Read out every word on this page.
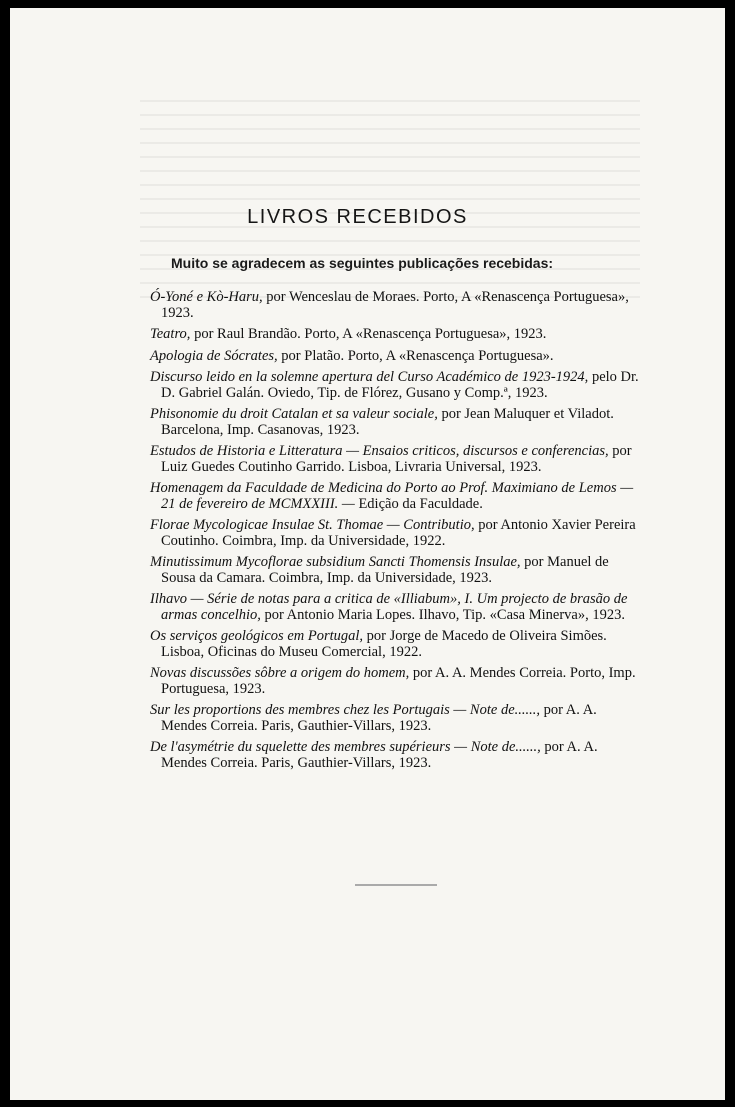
LIVROS RECEBIDOS
Muito se agradecem as seguintes publicações recebidas:
Ó-Yoné e Kò-Haru, por Wenceslau de Moraes. Porto, A «Renascença Portuguesa», 1923.
Teatro, por Raul Brandão. Porto, A «Renascença Portuguesa», 1923.
Apologia de Sócrates, por Platão. Porto, A «Renascença Portuguesa».
Discurso leido en la solemne apertura del Curso Académico de 1923-1924, pelo Dr. D. Gabriel Galán. Oviedo, Tip. de Flórez, Gusano y Comp.ª, 1923.
Phisonomie du droit Catalan et sa valeur sociale, por Jean Maluquer et Viladot. Barcelona, Imp. Casanovas, 1923.
Estudos de Historia e Litteratura — Ensaios criticos, discursos e conferencias, por Luiz Guedes Coutinho Garrido. Lisboa, Livraria Universal, 1923.
Homenagem da Faculdade de Medicina do Porto ao Prof. Maximiano de Lemos — 21 de fevereiro de MCMXXIII. — Edição da Faculdade.
Florae Mycologicae Insulae St. Thomae — Contributio, por Antonio Xavier Pereira Coutinho. Coimbra, Imp. da Universidade, 1922.
Minutissimum Mycoflorae subsidium Sancti Thomensis Insulae, por Manuel de Sousa da Camara. Coimbra, Imp. da Universidade, 1923.
Ilhavo — Série de notas para a critica de «Illiabum», I. Um projecto de brasão de armas concelhio, por Antonio Maria Lopes. Ilhavo, Tip. «Casa Minerva», 1923.
Os serviços geológicos em Portugal, por Jorge de Macedo de Oliveira Simões. Lisboa, Oficinas do Museu Comercial, 1922.
Novas discussões sôbre a origem do homem, por A. A. Mendes Correia. Porto, Imp. Portuguesa, 1923.
Sur les proportions des membres chez les Portugais — Note de......, por A. A. Mendes Correia. Paris, Gauthier-Villars, 1923.
De l'asymétrie du squelette des membres supérieurs — Note de......, por A. A. Mendes Correia. Paris, Gauthier-Villars, 1923.
